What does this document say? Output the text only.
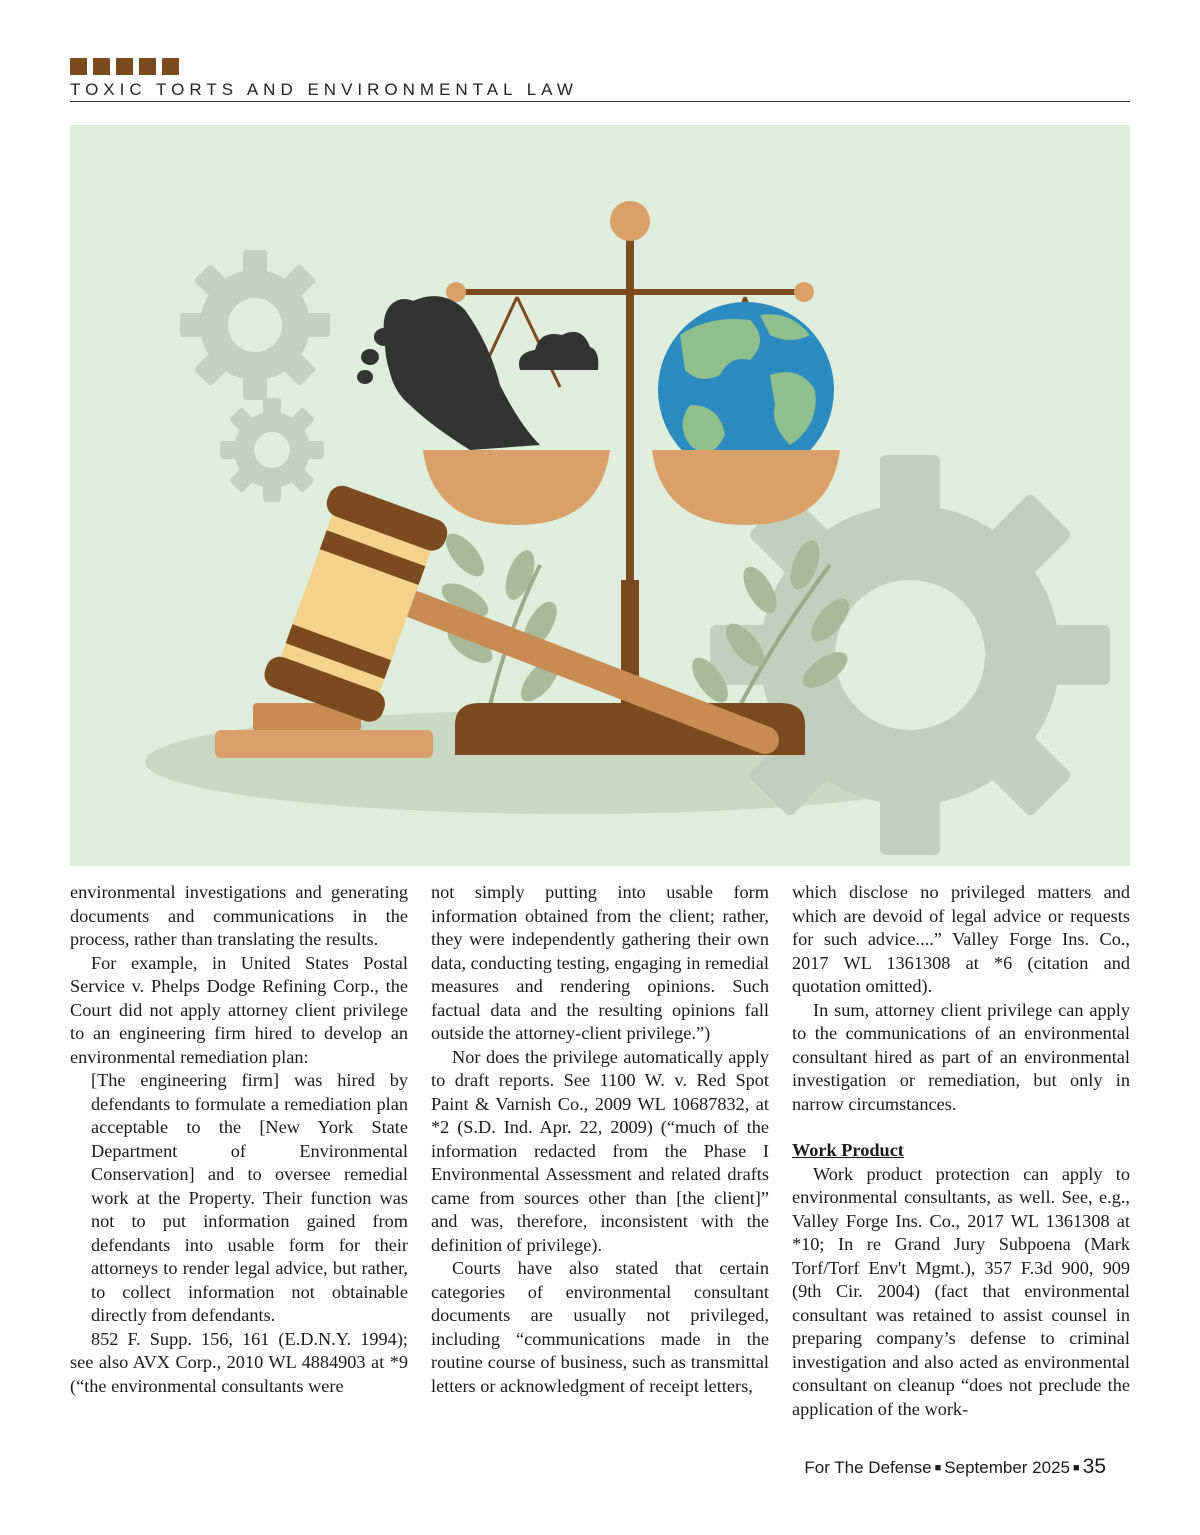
TOXIC TORTS AND ENVIRONMENTAL LAW

environmental investigations and generating documents and communications in the process, rather than translating the results.

For example, in United States Postal Service v. Phelps Dodge Refining Corp., the Court did not apply attorney client privilege to an engineering firm hired to develop an environmental remediation plan:

[The engineering firm] was hired by defendants to formulate a remediation plan acceptable to the [New York State Department of Environmental Conservation] and to oversee remedial work at the Property. Their function was not to put information gained from defendants into usable form for their attorneys to render legal advice, but rather, to collect information not obtainable directly from defendants.

852 F. Supp. 156, 161 (E.D.N.Y. 1994); see also AVX Corp., 2010 WL 4884903 at *9 (“the environmental consultants were

not simply putting into usable form information obtained from the client; rather, they were independently gathering their own data, conducting testing, engaging in remedial measures and rendering opinions. Such factual data and the resulting opinions fall outside the attorney-client privilege.”)

Nor does the privilege automatically apply to draft reports. See 1100 W. v. Red Spot Paint & Varnish Co., 2009 WL 10687832, at *2 (S.D. Ind. Apr. 22, 2009) (“much of the information redacted from the Phase I Environmental Assessment and related drafts came from sources other than [the client]” and was, therefore, inconsistent with the definition of privilege).

Courts have also stated that certain categories of environmental consultant documents are usually not privileged, including “communications made in the routine course of business, such as transmittal letters or acknowledgment of receipt letters,

which disclose no privileged matters and which are devoid of legal advice or requests for such advice....” Valley Forge Ins. Co., 2017 WL 1361308 at *6 (citation and quotation omitted).

In sum, attorney client privilege can apply to the communications of an environmental consultant hired as part of an environmental investigation or remediation, but only in narrow circumstances.

Work Product

Work product protection can apply to environmental consultants, as well. See, e.g., Valley Forge Ins. Co., 2017 WL 1361308 at *10; In re Grand Jury Subpoena (Mark Torf/Torf Env't Mgmt.), 357 F.3d 900, 909 (9th Cir. 2004) (fact that environmental consultant was retained to assist counsel in preparing company’s defense to criminal investigation and also acted as environmental consultant on cleanup “does not preclude the application of the work-

For The Defense ■ September 2025 ■ 35
